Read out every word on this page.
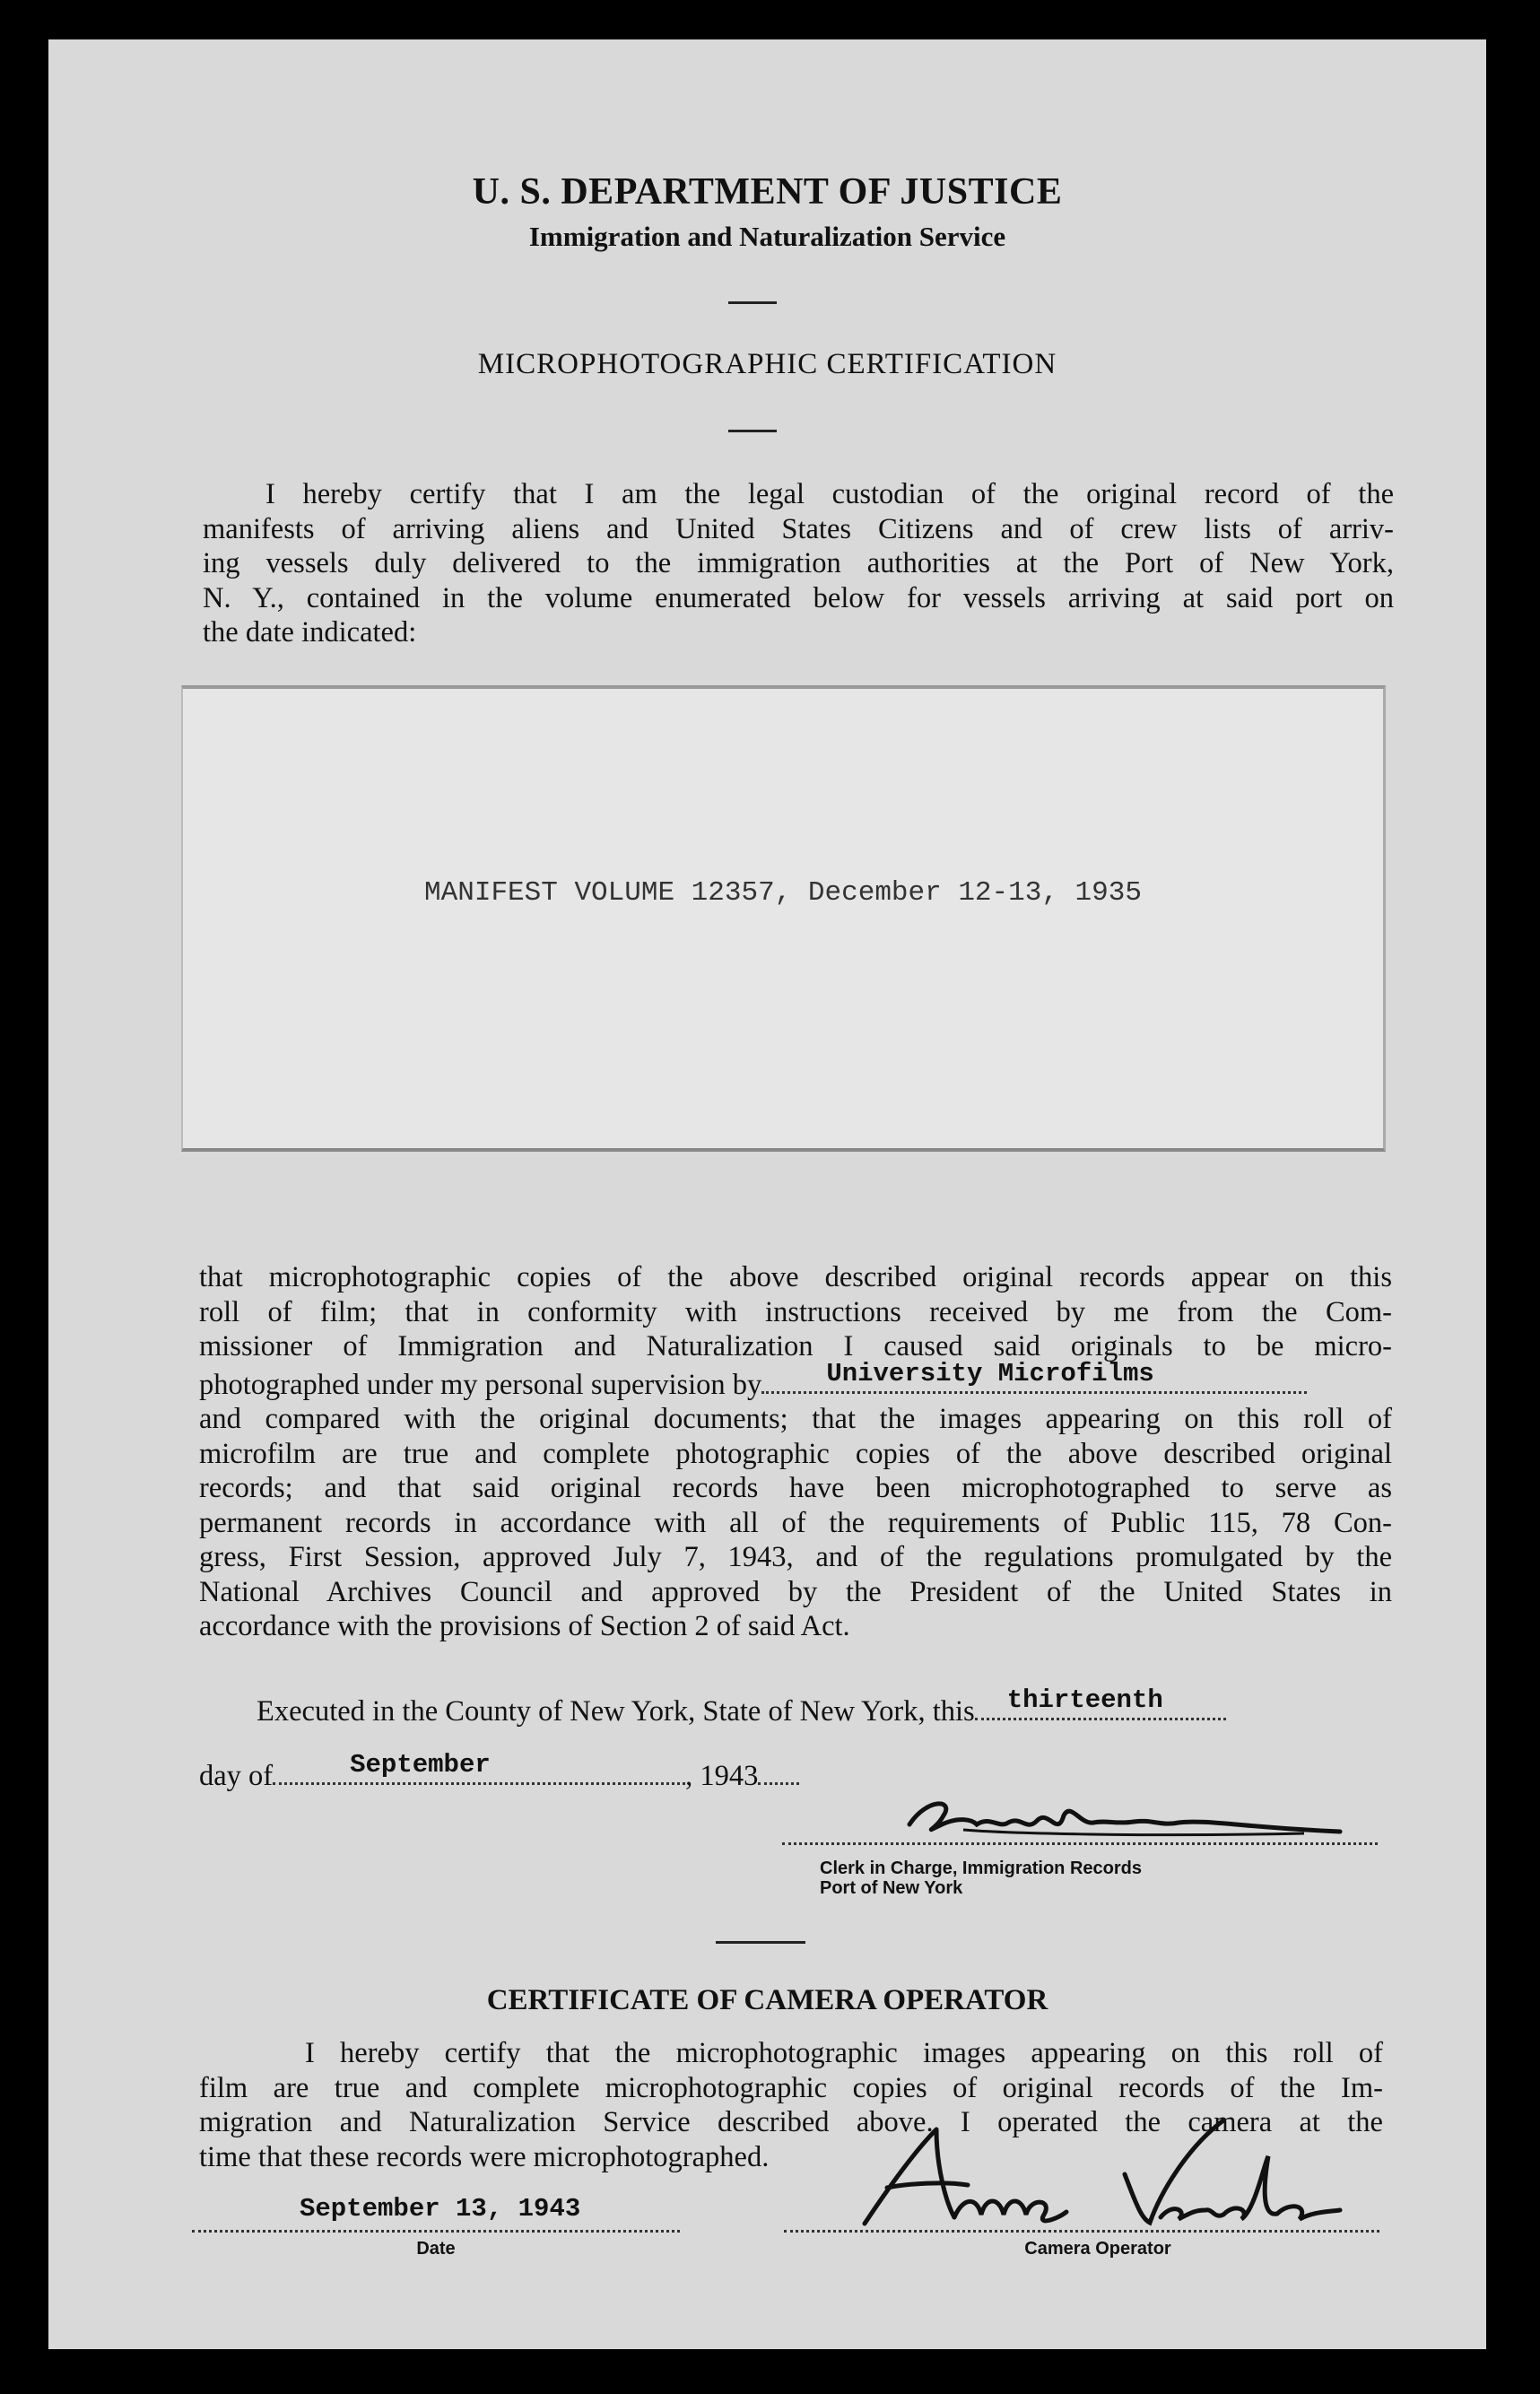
U. S. DEPARTMENT OF JUSTICE
Immigration and Naturalization Service
MICROPHOTOGRAPHIC CERTIFICATION

I hereby certify that I am the legal custodian of the original record of the

manifests of arriving aliens and United States Citizens and of crew lists of arriv-

ing vessels duly delivered to the immigration authorities at the Port of New York,

N. Y., contained in the volume enumerated below for vessels arriving at said port on

the date indicated:

MANIFEST VOLUME 12357, December 12-13, 1935

that microphotographic copies of the above described original records appear on this

roll of film; that in conformity with instructions received by me from the Com-

missioner of Immigration and Naturalization I caused said originals to be micro-

photographed under my personal supervision by University Microfilms

and compared with the original documents; that the images appearing on this roll of

microfilm are true and complete photographic copies of the above described original

records; and that said original records have been microphotographed to serve as

permanent records in accordance with all of the requirements of Public 115, 78 Con-

gress, First Session, approved July 7, 1943, and of the regulations promulgated by the

National Archives Council and approved by the President of the United States in

accordance with the provisions of Section 2 of said Act.

Executed in the County of New York, State of New York, this thirteenth
day of	September	, 1943
Clerk in Charge, Immigration Records
Port of New York
CERTIFICATE OF CAMERA OPERATOR

I hereby certify that the microphotographic images appearing on this roll of

film are true and complete microphotographic copies of original records of the Im-

migration and Naturalization Service described above. I operated the camera at the

time that these records were microphotographed.

September 13, 1943
Date	Camera Operator
